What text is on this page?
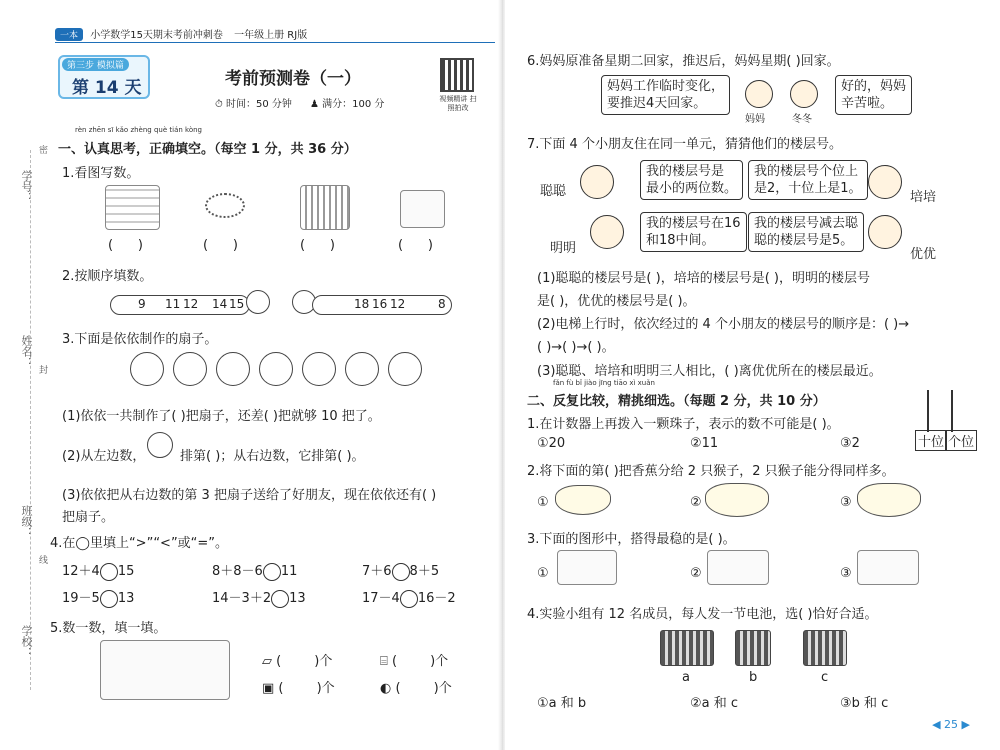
学号：
姓名：
班级：
学校：
密
封
线
一本 小学数学15天期末考前冲刺卷 一年级上册 RJ版
第三步 模拟篇
第 14 天	考前预测卷（一）
⏱ 时间：50 分钟 ♟ 满分：100 分	视频精讲 扫照拍改
rèn zhēn sī kǎo zhèng què tián kòng
一、认真思考，正确填空。（每空 1 分，共 36 分）
1.看图写数。
(      )	(      )	(      )	(      )
2.按顺序填数。
9 11 12 14 15	18 16 12	8
3.下面是依依制作的扇子。
(1)依依一共制作了( )把扇子，还差( )把就够 10 把了。
(2)从左边数，	排第( )；从右边数，它排第( )。
(3)依依把从右边数的第 3 把扇子送给了好朋友，现在依依还有( )
把扇子。
4.在◯里填上“>”“<”或“=”。
12＋4 15	8＋8－6 11	7＋6 8＋5
19－5 13	14－3＋2 13	17－4 16－2
5.数一数，填一填。
▱ (	)个	⌸ (	)个
▣ (	)个	◐ (	)个
6.妈妈原准备星期二回家，推迟后，妈妈星期( )回家。
妈妈工作临时变化，
要推迟4天回家。
妈妈	冬冬
好的，妈妈
辛苦啦。
7.下面 4 个小朋友住在同一单元，猜猜他们的楼层号。
聪聪
我的楼层号是
最小的两位数。
我的楼层号个位上
是2，十位上是1。
培培
明明
我的楼层号在16
和18中间。
我的楼层号减去聪
聪的楼层号是5。
优优
(1)聪聪的楼层号是( )，培培的楼层号是( )，明明的楼层号
是( )，优优的楼层号是( )。
(2)电梯上行时，依次经过的 4 个小朋友的楼层号的顺序是：( )→
( )→( )→( )。
(3)聪聪、培培和明明三人相比，( )离优优所在的楼层最近。
fǎn fù bǐ jiào jīng tiāo xì xuǎn
二、反复比较，精挑细选。（每题 2 分，共 10 分）
1.在计数器上再拨入一颗珠子，表示的数不可能是( )。
①20	②11	③2	十位 个位
2.将下面的第( )把香蕉分给 2 只猴子，2 只猴子能分得同样多。
①	②	③
3.下面的图形中，搭得最稳的是( )。
①	②	③
4.实验小组有 12 名成员，每人发一节电池，选( )恰好合适。
a	b	c
①a 和 b	②a 和 c	③b 和 c
◀ 25 ▶
